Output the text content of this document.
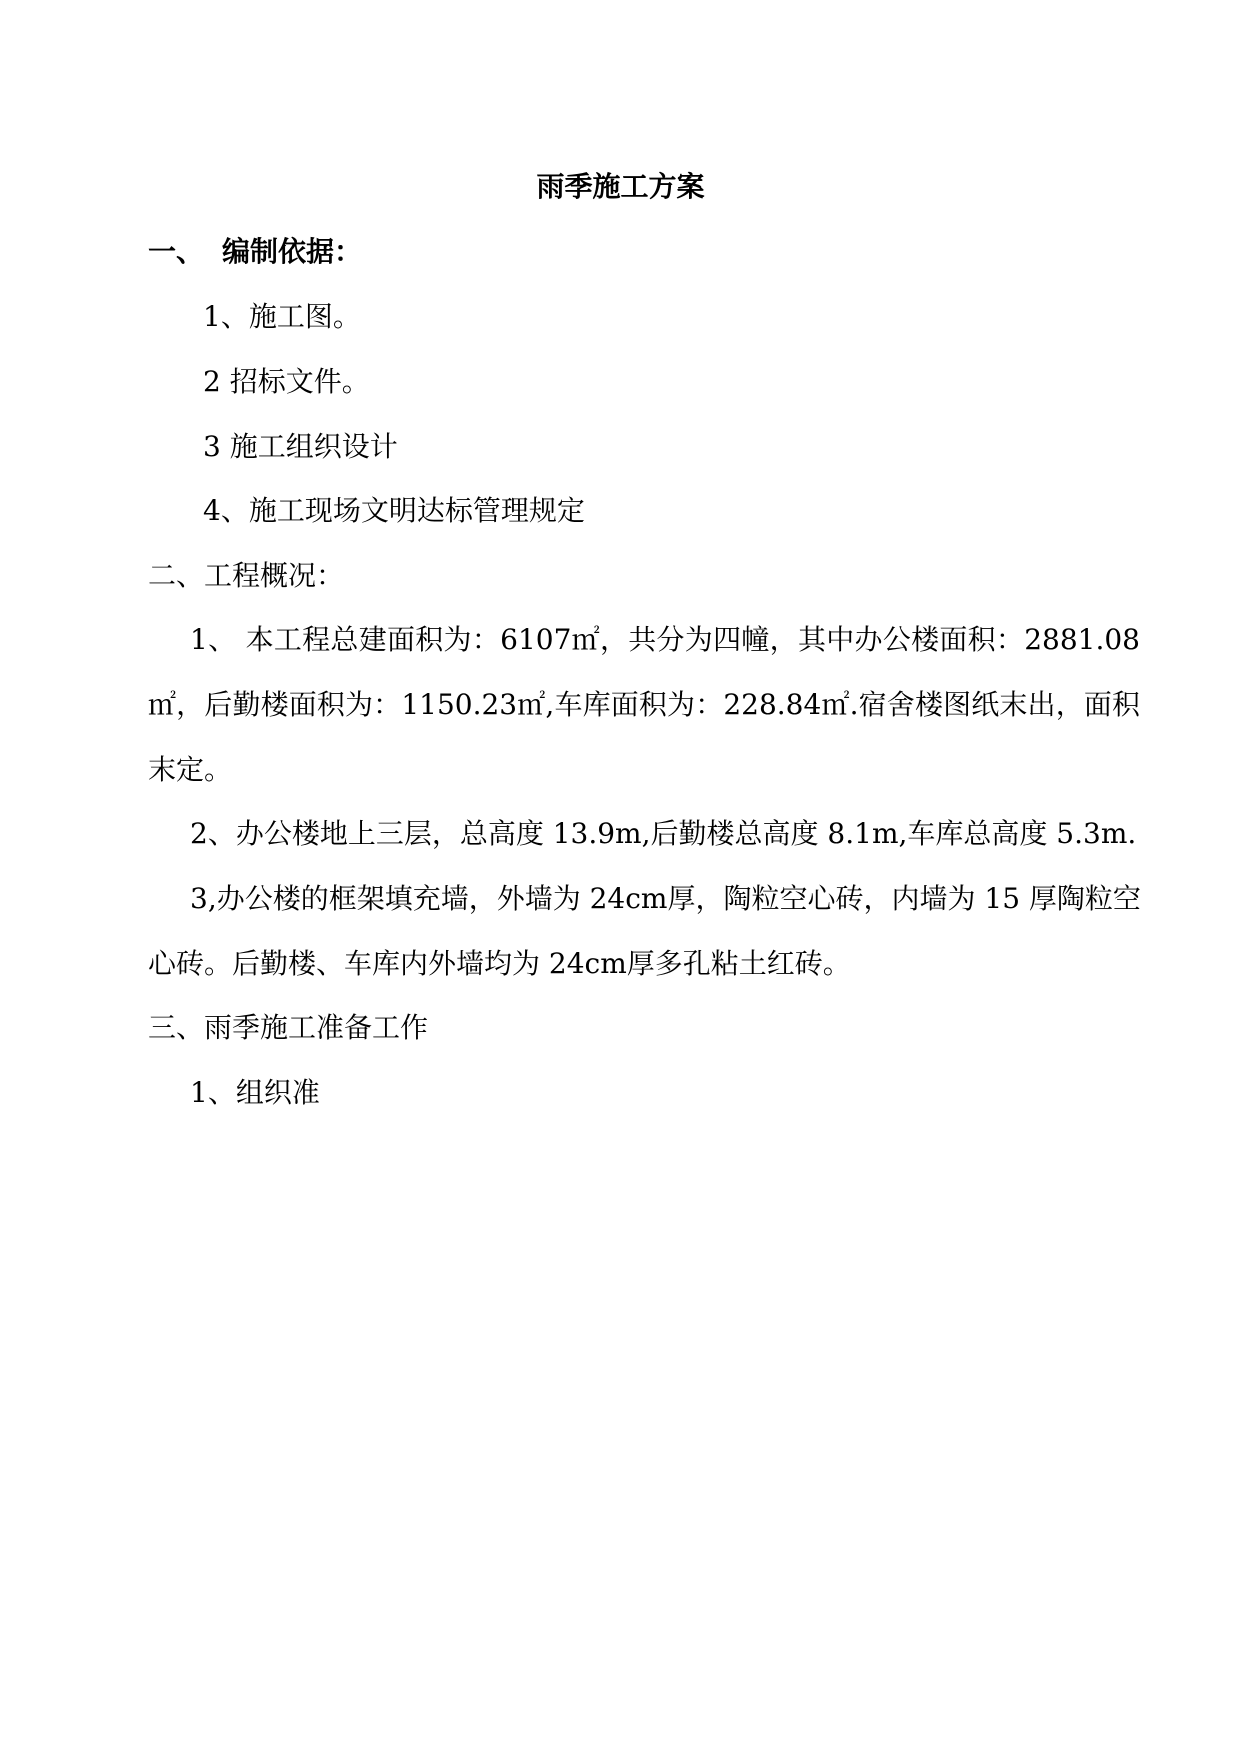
雨季施工方案
一、 编制依据：
1、施工图。
2 招标文件。
3 施工组织设计
4、施工现场文明达标管理规定
二、工程概况：
1、 本工程总建面积为：6107㎡，共分为四幢，其中办公楼面积：2881.08
㎡，后勤楼面积为：1150.23㎡,车库面积为：228.84㎡.宿舍楼图纸末出，面积
末定。
2、办公楼地上三层，总高度 13.9m,后勤楼总高度 8.1m,车库总高度 5.3m.
3,办公楼的框架填充墙，外墙为 24cm厚，陶粒空心砖，内墙为 15 厚陶粒空
心砖。后勤楼、车库内外墙均为 24cm厚多孔粘土红砖。
三、雨季施工准备工作
1、组织准
